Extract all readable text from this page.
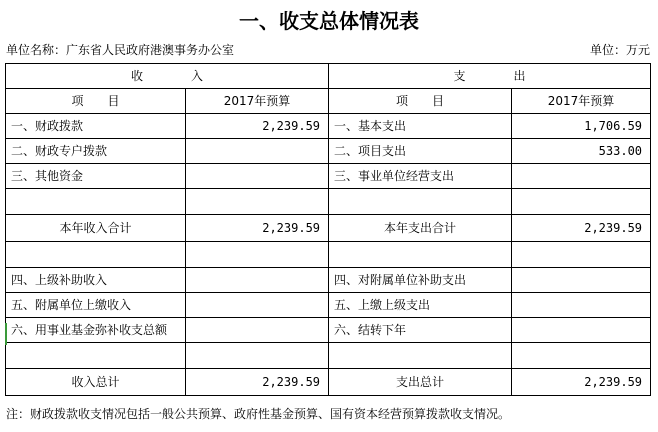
一、收支总体情况表
单位名称：广东省人民政府港澳事务办公室	单位：万元
收　　　　入		支　　　　出	
项　　目	2017年预算	项　　目	2017年预算
一、财政拨款	2,239.59	一、基本支出	1,706.59
二、财政专户拨款		二、项目支出	533.00
三、其他资金		三、事业单位经营支出	

本年收入合计	2,239.59	本年支出合计	2,239.59

四、上级补助收入		四、对附属单位补助支出	
五、附属单位上缴收入		五、上缴上级支出	
六、用事业基金弥补收支总额		六、结转下年	

收入总计	2,239.59	支出总计	2,239.59
注：财政拨款收支情况包括一般公共预算、政府性基金预算、国有资本经营预算拨款收支情况。
